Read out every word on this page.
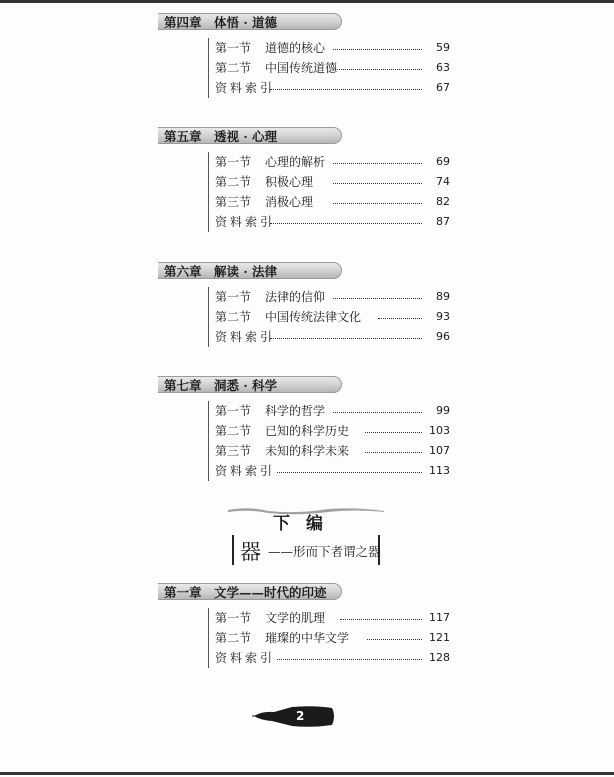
第四章　体悟 · 道德
第一节 道德的核心	59
第二节 中国传统道德	63
资料索引	67
第五章　透视 · 心理
第一节 心理的解析	69
第二节 积极心理	74
第三节 消极心理	82
资料索引	87
第六章　解读 · 法律
第一节 法律的信仰	89
第二节 中国传统法律文化	93
资料索引	96
第七章　洞悉 · 科学
第一节 科学的哲学	99
第二节 已知的科学历史	103
第三节 未知的科学未来	107
资料索引	113
下编
器 ——形而下者谓之器
第一章　文学——时代的印迹
第一节 文学的肌理	117
第二节 璀璨的中华文学	121
资料索引	128
2
